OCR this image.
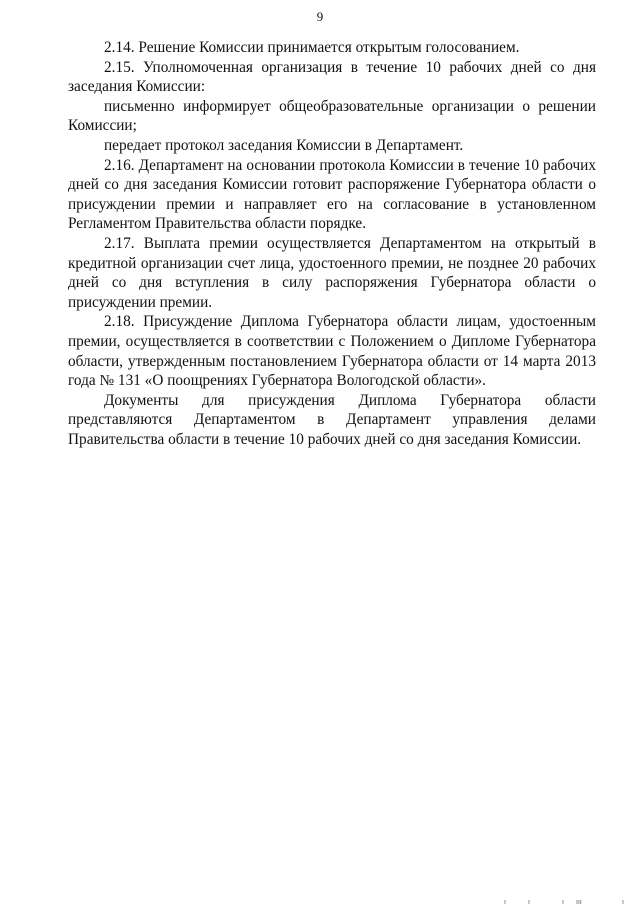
9

2.14. Решение Комиссии принимается открытым голосованием.

2.15. Уполномоченная организация в течение 10 рабочих дней со дня заседания Комиссии:

письменно информирует общеобразовательные организации о решении Комиссии;

передает протокол заседания Комиссии в Департамент.

2.16. Департамент на основании протокола Комиссии в течение 10 рабочих дней со дня заседания Комиссии готовит распоряжение Губернатора области о присуждении премии и направляет его на согласование в установленном Регламентом Правительства области порядке.

2.17. Выплата премии осуществляется Департаментом на открытый в кредитной организации счет лица, удостоенного премии, не позднее 20 рабочих дней со дня вступления в силу распоряжения Губернатора области о присуждении премии.

2.18. Присуждение Диплома Губернатора области лицам, удостоенным премии, осуществляется в соответствии с Положением о Дипломе Губернатора области, утвержденным постановлением Губернатора области от 14 марта 2013 года № 131 «О поощрениях Губернатора Вологодской области».

Документы для присуждения Диплома Губернатора области представляются Департаментом в Департамент управления делами Правительства области в течение 10 рабочих дней со дня заседания Комиссии.

ı	ı	ı ııı	ı
